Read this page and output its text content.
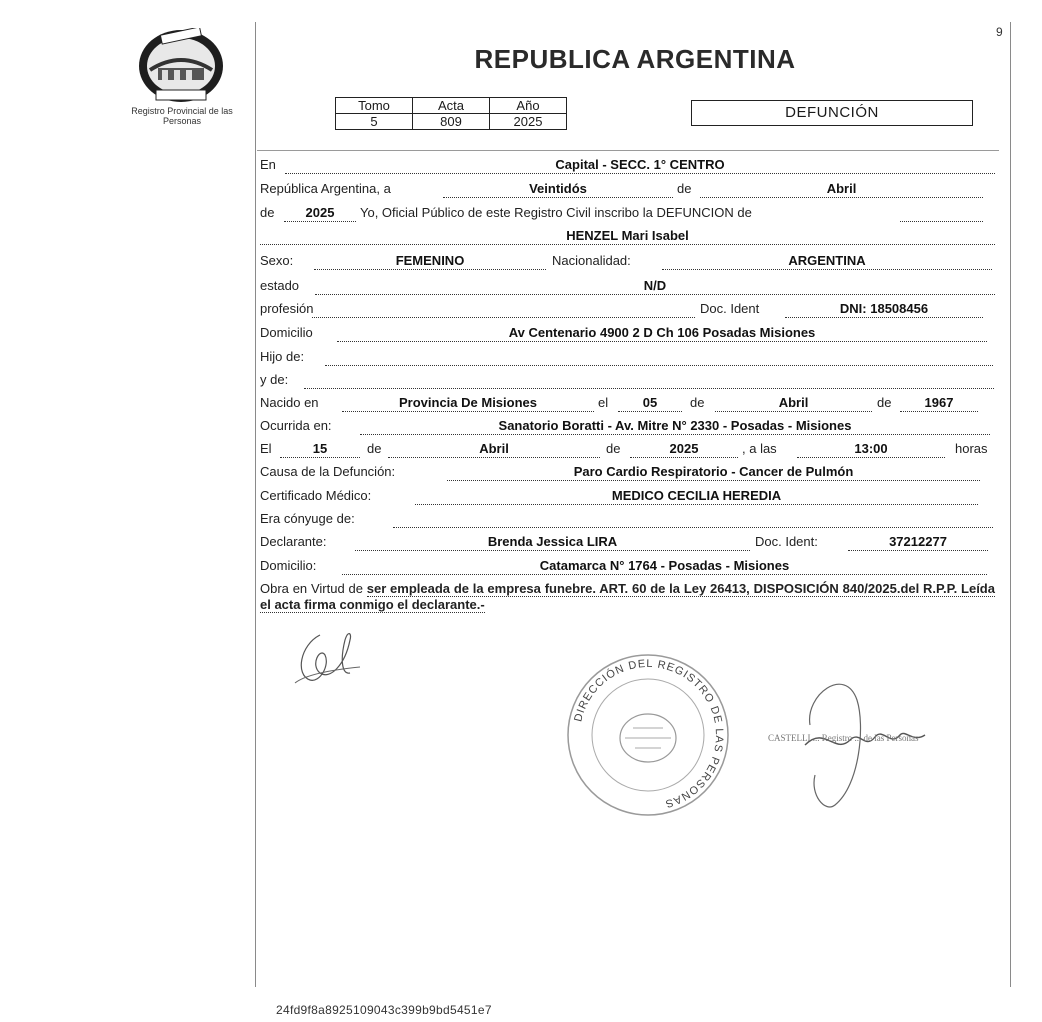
9
Registro Provincial de las Personas
REPUBLICA ARGENTINA
Tomo	Acta	Año
5	809	2025
DEFUNCIÓN
En	Capital - SECC. 1° CENTRO
República Argentina, a	Veintidós	de	Abril
de	2025	Yo, Oficial Público de este Registro Civil inscribo la DEFUNCION de
HENZEL Mari Isabel
Sexo:	FEMENINO	Nacionalidad:	ARGENTINA
estado	N/D
profesión	Doc. Ident	DNI: 18508456
Domicilio	Av Centenario 4900 2 D Ch 106 Posadas Misiones
Hijo de:
y de:
Nacido en	Provincia De Misiones	el	05	de	Abril	de	1967
Ocurrida en:	Sanatorio Boratti - Av. Mitre N° 2330 - Posadas - Misiones
El	15	de	Abril	de	2025	, a las	13:00	horas
Causa de la Defunción:	Paro Cardio Respiratorio - Cancer de Pulmón
Certificado Médico:	MEDICO CECILIA HEREDIA
Era cónyuge de:
Declarante:	Brenda Jessica LIRA	Doc. Ident:	37212277
Domicilio:	Catamarca N° 1764 - Posadas - Misiones
Obra en Virtud de ser empleada de la empresa funebre. ART. 60 de la Ley 26413, DISPOSICIÓN 840/2025.del R.P.P. Leída el acta firma conmigo el declarante.-
DIRECCIÓN DEL REGISTRO DE LAS PERSONAS
CASTELLI ... Registro ... de las Personas
24fd9f8a8925109043c399b9bd5451e7
